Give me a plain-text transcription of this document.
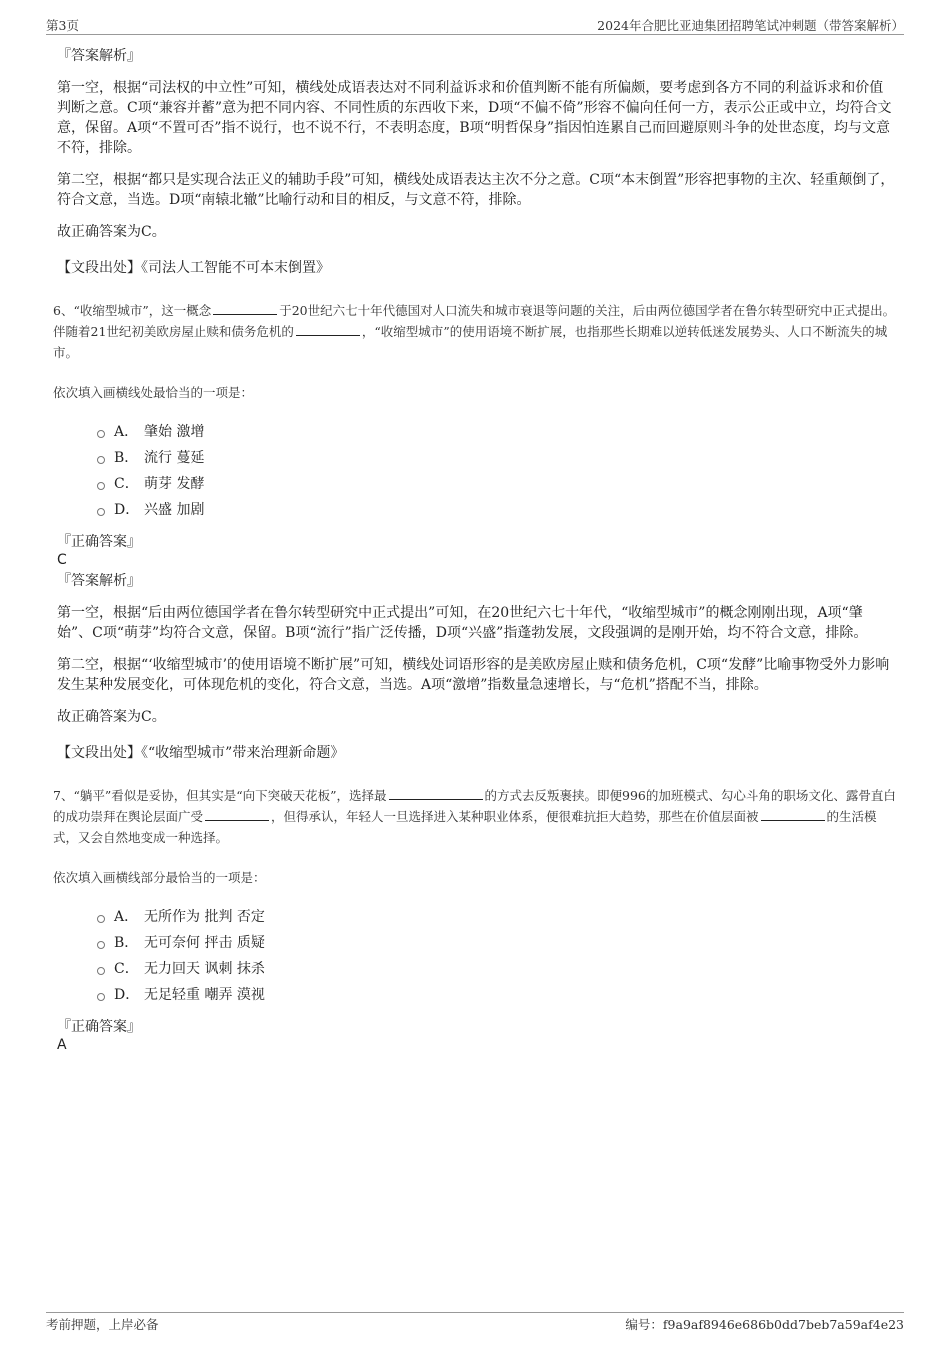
第3页	2024年合肥比亚迪集团招聘笔试冲刺题（带答案解析）

『答案解析』

第一空，根据“司法权的中立性”可知，横线处成语表达对不同利益诉求和价值判断不能有所偏颇，要考虑到各方不同的利益诉求和价值判断之意。C项“兼容并蓄”意为把不同内容、不同性质的东西收下来，D项“不偏不倚”形容不偏向任何一方，表示公正或中立，均符合文意，保留。A项“不置可否”指不说行，也不说不行，不表明态度，B项“明哲保身”指因怕连累自己而回避原则斗争的处世态度，均与文意不符，排除。

第二空，根据“都只是实现合法正义的辅助手段”可知，横线处成语表达主次不分之意。C项“本末倒置”形容把事物的主次、轻重颠倒了，符合文意，当选。D项“南辕北辙”比喻行动和目的相反，与文意不符，排除。

故正确答案为C。

【文段出处】《司法人工智能不可本末倒置》

6、“收缩型城市”，这一概念	于20世纪六七十年代德国对人口流失和城市衰退等问题的关注，后由两位德国学者在鲁尔转型研究中正式提出。伴随着21世纪初美欧房屋止赎和债务危机的	，“收缩型城市”的使用语境不断扩展，也指那些长期难以逆转低迷发展势头、人口不断流失的城市。

依次填入画横线处最恰当的一项是：

A． 肇始 激增
B． 流行 蔓延
C． 萌芽 发酵
D． 兴盛 加剧

『正确答案』

C

『答案解析』

第一空，根据“后由两位德国学者在鲁尔转型研究中正式提出”可知，在20世纪六七十年代，“收缩型城市”的概念刚刚出现，A项“肇始”、C项“萌芽”均符合文意，保留。B项“流行”指广泛传播，D项“兴盛”指蓬勃发展，文段强调的是刚开始，均不符合文意，排除。

第二空，根据“‘收缩型城市’的使用语境不断扩展”可知，横线处词语形容的是美欧房屋止赎和债务危机，C项“发酵”比喻事物受外力影响发生某种发展变化，可体现危机的变化，符合文意，当选。A项“激增”指数量急速增长，与“危机”搭配不当，排除。

故正确答案为C。

【文段出处】《“收缩型城市”带来治理新命题》

7、“躺平”看似是妥协，但其实是“向下突破天花板”，选择最	的方式去反叛裹挟。即便996的加班模式、勾心斗角的职场文化、露骨直白的成功崇拜在舆论层面广受	，但得承认，年轻人一旦选择进入某种职业体系，便很难抗拒大趋势，那些在价值层面被	的生活模式，又会自然地变成一种选择。

依次填入画横线部分最恰当的一项是：

A． 无所作为 批判 否定
B． 无可奈何 抨击 质疑
C． 无力回天 讽刺 抹杀
D． 无足轻重 嘲弄 漠视

『正确答案』

A

考前押题，上岸必备	编号：f9a9af8946e686b0dd7beb7a59af4e23
